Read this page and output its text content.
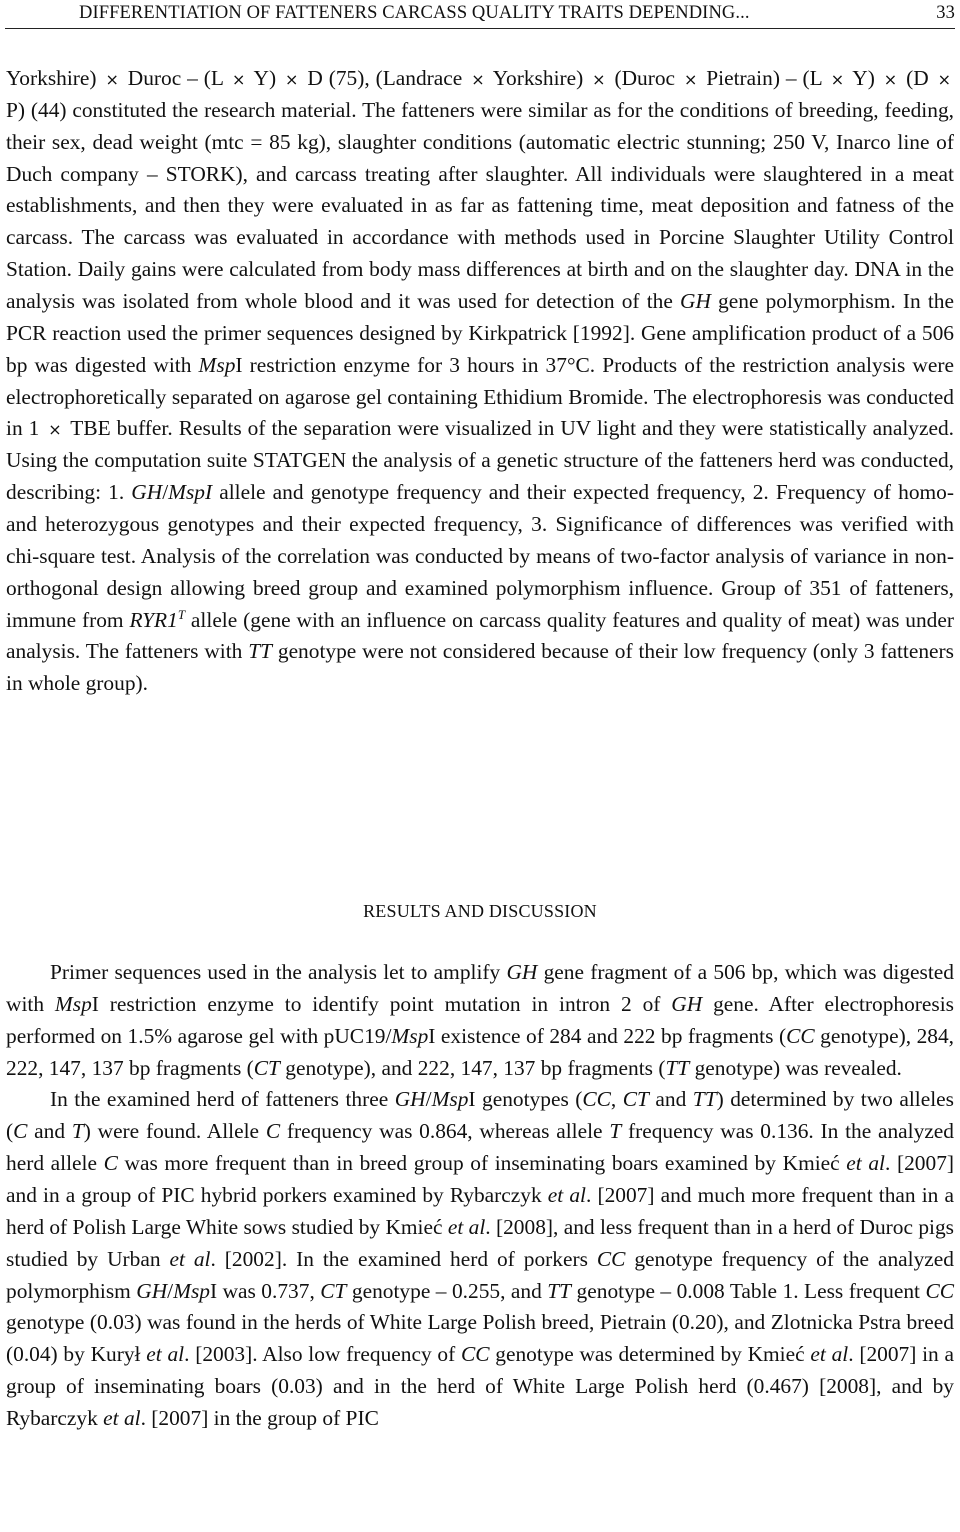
DIFFERENTIATION OF FATTENERS CARCASS QUALITY TRAITS DEPENDING...	33

Yorkshire) × Duroc – (L × Y) × D (75), (Landrace × Yorkshire) × (Duroc × Pietrain) – (L × Y) × (D × P) (44) constituted the research material. The fatteners were similar as for the conditions of breeding, feeding, their sex, dead weight (mtc = 85 kg), slaughter conditions (automatic electric stunning; 250 V, Inarco line of Duch company – STORK), and carcass treating after slaughter. All individuals were slaughtered in a meat establishments, and then they were evaluated in as far as fattening time, meat deposition and fatness of the carcass. The carcass was evaluated in accordance with methods used in Porcine Slaughter Utility Control Station. Daily gains were calculated from body mass differences at birth and on the slaughter day. DNA in the analysis was isolated from whole blood and it was used for detection of the GH gene polymorphism. In the PCR reaction used the primer sequences designed by Kirkpatrick [1992]. Gene amplification product of a 506 bp was digested with MspI restriction enzyme for 3 hours in 37°C. Products of the restriction analysis were electrophoretically separated on agarose gel containing Ethidium Bromide. The electrophoresis was conducted in 1 × TBE buffer. Results of the separation were visualized in UV light and they were statistically analyzed. Using the computation suite STATGEN the analysis of a genetic structure of the fatteners herd was conducted, describing: 1. GH/MspI allele and genotype frequency and their expected frequency, 2. Frequency of homo- and heterozygous genotypes and their expected frequency, 3. Significance of differences was verified with chi-square test. Analysis of the correlation was conducted by means of two-factor analysis of variance in non-orthogonal design allowing breed group and examined polymorphism influence. Group of 351 of fatteners, immune from $RYR1^T$ allele (gene with an influence on carcass quality features and quality of meat) was under analysis. The fatteners with TT genotype were not considered because of their low frequency (only 3 fatteners in whole group).

RESULTS AND DISCUSSION

Primer sequences used in the analysis let to amplify GH gene fragment of a 506 bp, which was digested with MspI restriction enzyme to identify point mutation in intron 2 of GH gene. After electrophoresis performed on 1.5% agarose gel with pUC19/MspI existence of 284 and 222 bp fragments (CC genotype), 284, 222, 147, 137 bp fragments (CT genotype), and 222, 147, 137 bp fragments (TT genotype) was revealed.

In the examined herd of fatteners three GH/MspI genotypes (CC, CT and TT) determined by two alleles (C and T) were found. Allele C frequency was 0.864, whereas allele T frequency was 0.136. In the analyzed herd allele C was more frequent than in breed group of inseminating boars examined by Kmieć et al. [2007] and in a group of PIC hybrid porkers examined by Rybarczyk et al. [2007] and much more frequent than in a herd of Polish Large White sows studied by Kmieć et al. [2008], and less frequent than in a herd of Duroc pigs studied by Urban et al. [2002]. In the examined herd of porkers CC genotype frequency of the analyzed polymorphism GH/MspI was 0.737, CT genotype – 0.255, and TT genotype – 0.008 Table 1. Less frequent CC genotype (0.03) was found in the herds of White Large Polish breed, Pietrain (0.20), and Zlotnicka Pstra breed (0.04) by Kurył et al. [2003]. Also low frequency of CC genotype was determined by Kmieć et al. [2007] in a group of inseminating boars (0.03) and in the herd of White Large Polish herd (0.467) [2008], and by Rybarczyk et al. [2007] in the group of PIC
